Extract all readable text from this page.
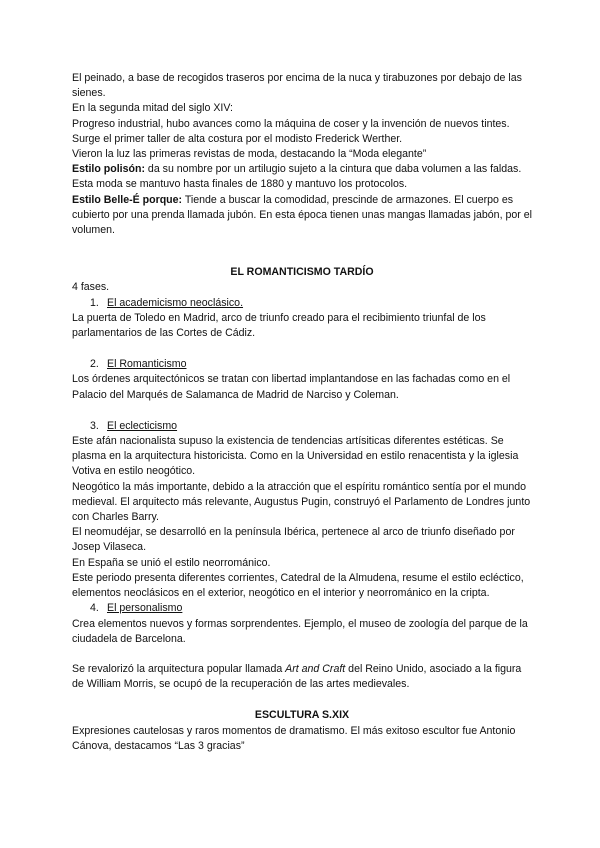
El peinado, a base de recogidos traseros por encima de la nuca y tirabuzones por debajo de las sienes.

En la segunda mitad del siglo XIV:

Progreso industrial, hubo avances como la máquina de coser y la invención de nuevos tintes.

Surge el primer taller de alta costura por el modisto Frederick Werther.

Vieron la luz las primeras revistas de moda, destacando la “Moda elegante”

Estilo polisón: da su nombre por un artilugio sujeto a la cintura que daba volumen a las faldas. Esta moda se mantuvo hasta finales de 1880 y mantuvo los protocolos.

Estilo Belle-É porque: Tiende a buscar la comodidad, prescinde de armazones. El cuerpo es cubierto por una prenda llamada jubón. En esta época tienen unas mangas llamadas jabón, por el volumen.

EL ROMANTICISMO TARDÍO

4 fases.

1. El academicismo neoclásico.

La puerta de Toledo en Madrid, arco de triunfo creado para el recibimiento triunfal de los parlamentarios de las Cortes de Cádiz.

2. El Romanticismo

Los órdenes arquitectónicos se tratan con libertad implantandose en las fachadas como en el Palacio del Marqués de Salamanca de Madrid de Narciso y Coleman.

3. El eclecticismo

Este afán nacionalista supuso la existencia de tendencias artísiticas diferentes estéticas. Se plasma en la arquitectura historicista. Como en la Universidad en estilo renacentista y la iglesia Votiva en estilo neogótico.

Neogótico la más importante, debido a la atracción que el espíritu romántico sentía por el mundo medieval. El arquitecto más relevante, Augustus Pugin, construyó el Parlamento de Londres junto con Charles Barry.

El neomudéjar, se desarrolló en la península Ibérica, pertenece al arco de triunfo diseñado por Josep Vilaseca.

En España se unió el estilo neorrománico.

Este periodo presenta diferentes corrientes, Catedral de la Almudena, resume el estilo ecléctico, elementos neoclásicos en el exterior, neogótico en el interior y neorrománico en la cripta.

4. El personalismo

Crea elementos nuevos y formas sorprendentes. Ejemplo, el museo de zoología del parque de la ciudadela de Barcelona.

Se revalorizó la arquitectura popular llamada Art and Craft del Reino Unido, asociado a la figura de William Morris, se ocupó de la recuperación de las artes medievales.

ESCULTURA S.XIX

Expresiones cautelosas y raros momentos de dramatismo. El más exitoso escultor fue Antonio Cánova, destacamos “Las 3 gracias”
